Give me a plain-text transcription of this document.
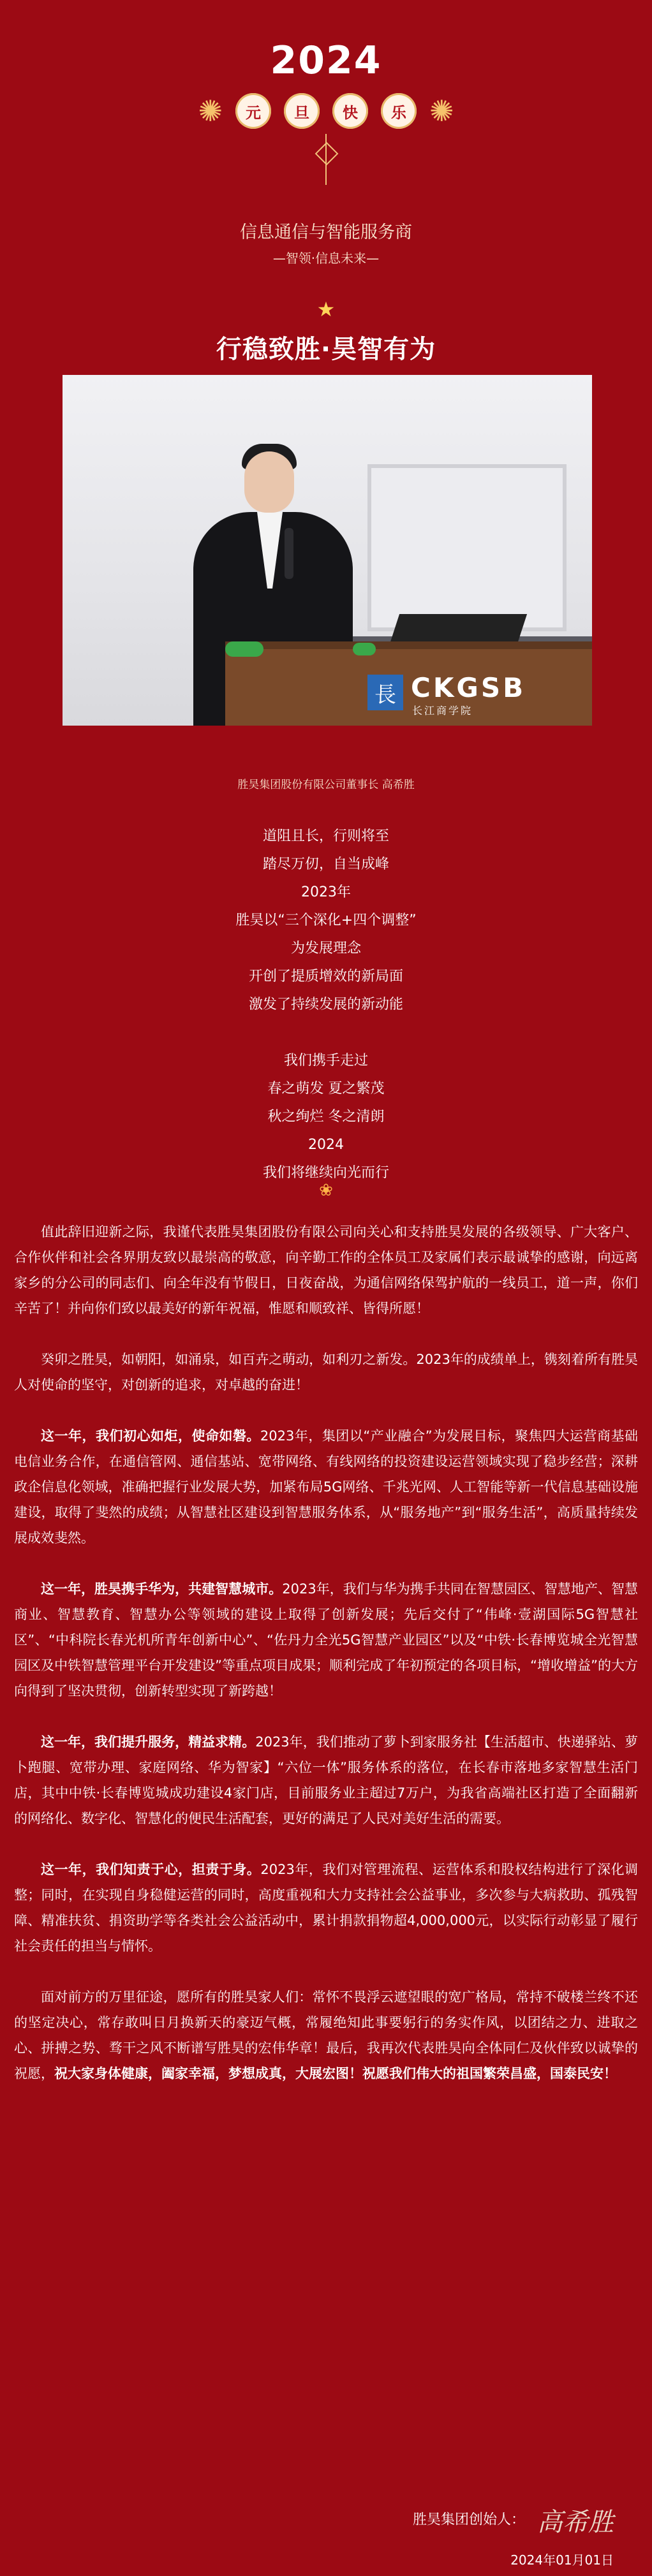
2024
✺	元	旦	快	乐 ✺
信息通信与智能服务商
—智领·信息未来—
★
行稳致胜·昊智有为
長 CKGSB
长江商学院
胜昊集团股份有限公司董事长 高希胜
道阻且长，行则将至
踏尽万仞，自当成峰
2023年
胜昊以“三个深化+四个调整”
为发展理念
开创了提质增效的新局面
激发了持续发展的新动能
我们携手走过
春之萌发 夏之繁茂
秋之绚烂 冬之清朗
2024
我们将继续向光而行
❀

值此辞旧迎新之际，我谨代表胜昊集团股份有限公司向关心和支持胜昊发展的各级领导、广大客户、合作伙伴和社会各界朋友致以最崇高的敬意，向辛勤工作的全体员工及家属们表示最诚挚的感谢，向远离家乡的分公司的同志们、向全年没有节假日，日夜奋战，为通信网络保驾护航的一线员工，道一声，你们辛苦了！并向你们致以最美好的新年祝福，惟愿和顺致祥、皆得所愿！

癸卯之胜昊，如朝阳，如涌泉，如百卉之萌动，如利刃之新发。2023年的成绩单上，镌刻着所有胜昊人对使命的坚守，对创新的追求，对卓越的奋进！

这一年，我们初心如炬，使命如磐。2023年，集团以“产业融合”为发展目标，聚焦四大运营商基础电信业务合作，在通信管网、通信基站、宽带网络、有线网络的投资建设运营领域实现了稳步经营；深耕政企信息化领域，准确把握行业发展大势，加紧布局5G网络、千兆光网、人工智能等新一代信息基础设施建设，取得了斐然的成绩；从智慧社区建设到智慧服务体系，从“服务地产”到“服务生活”，高质量持续发展成效斐然。

这一年，胜昊携手华为，共建智慧城市。2023年，我们与华为携手共同在智慧园区、智慧地产、智慧商业、智慧教育、智慧办公等领域的建设上取得了创新发展；先后交付了“伟峰·壹湖国际5G智慧社区”、“中科院长春光机所青年创新中心”、“佐丹力全光5G智慧产业园区”以及“中铁·长春博览城全光智慧园区及中铁智慧管理平台开发建设”等重点项目成果；顺利完成了年初预定的各项目标，“增收增益”的大方向得到了坚决贯彻，创新转型实现了新跨越！

这一年，我们提升服务，精益求精。2023年，我们推动了萝卜到家服务社【生活超市、快递驿站、萝卜跑腿、宽带办理、家庭网络、华为智家】“六位一体”服务体系的落位，在长春市落地多家智慧生活门店，其中中铁·长春博览城成功建设4家门店，目前服务业主超过7万户，为我省高端社区打造了全面翻新的网络化、数字化、智慧化的便民生活配套，更好的满足了人民对美好生活的需要。

这一年，我们知责于心，担责于身。2023年，我们对管理流程、运营体系和股权结构进行了深化调整；同时，在实现自身稳健运营的同时，高度重视和大力支持社会公益事业，多次参与大病救助、孤残智障、精准扶贫、捐资助学等各类社会公益活动中，累计捐款捐物超4,000,000元，以实际行动彰显了履行社会责任的担当与情怀。

面对前方的万里征途，愿所有的胜昊家人们：常怀不畏浮云遮望眼的宽广格局，常持不破楼兰终不还的坚定决心，常存敢叫日月换新天的豪迈气概，常履绝知此事要躬行的务实作风，以团结之力、进取之心、拼搏之势、骛干之风不断谱写胜昊的宏伟华章！最后，我再次代表胜昊向全体同仁及伙伴致以诚挚的祝愿，祝大家身体健康，阖家幸福，梦想成真，大展宏图！祝愿我们伟大的祖国繁荣昌盛，国泰民安！

胜昊集团创始人： 高希胜
2024年01月01日
